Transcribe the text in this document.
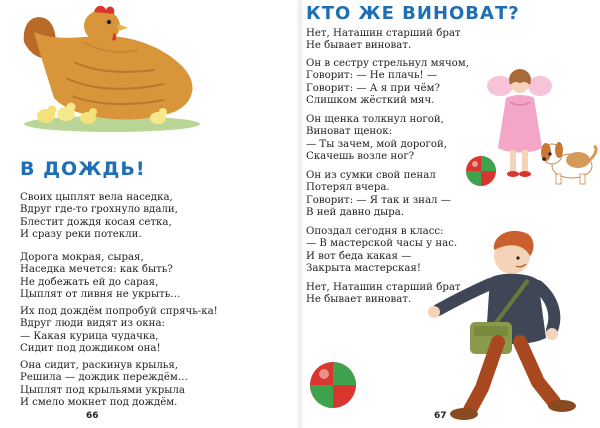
В ДОЖДЬ!

Своих цыплят вела наседка,
Вдруг где-то грохнуло вдали,
Блестит дождя косая сетка,
И сразу реки потекли.

Дорога мокрая, сырая,
Наседка мечется: как быть?
Не добежать ей до сарая,
Цыплят от ливня не укрыть…

Их под дождём попробуй спрячь-ка!
Вдруг люди видят из окна:
— Какая курица чудачка,
Сидит под дождиком она!

Она сидит, раскинув крылья,
Решила — дождик переждём…
Цыплят под крыльями укрыла
И смело мокнет под дождём.

66
КТО ЖЕ ВИНОВАТ?

Нет, Наташин старший брат
Не бывает виноват.

Он в сестру стрельнул мячом,
Говорит: — Не плачь! —
Говорит: — А я при чём?
Слишком жёсткий мяч.

Он щенка толкнул ногой,
Виноват щенок:
— Ты зачем, мой дорогой,
Скачешь возле ног?

Он из сумки свой пенал
Потерял вчера.
Говорит: — Я так и знал —
В ней давно дыра.

Опоздал сегодня в класс:
— В мастерской часы у нас.
И вот беда какая —
Закрыта мастерская!

Нет, Наташин старший брат
Не бывает виноват.

67
